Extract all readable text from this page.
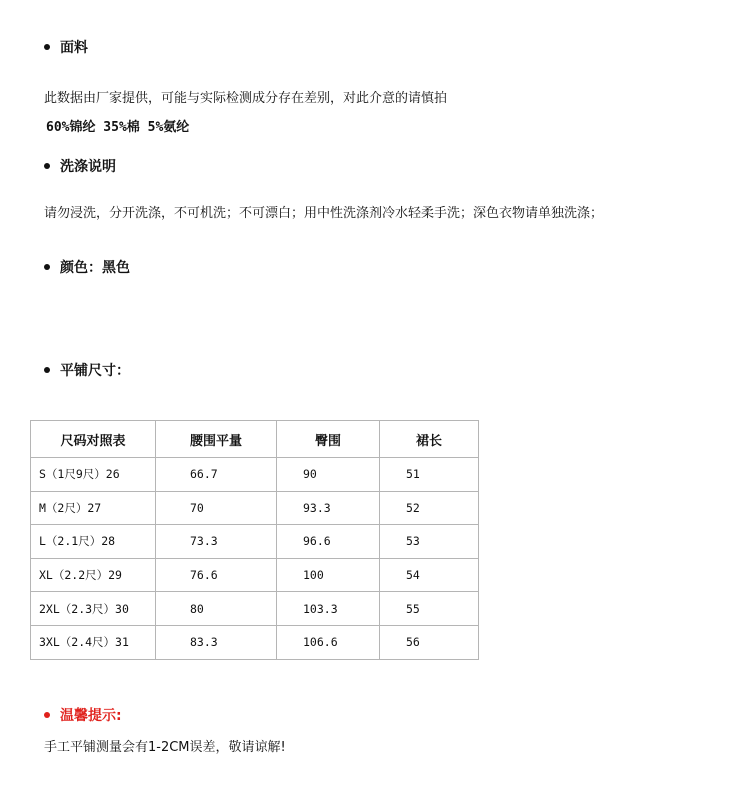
面料
此数据由厂家提供，可能与实际检测成分存在差别，对此介意的请慎拍
60%锦纶 35%棉 5%氨纶
洗涤说明
请勿浸洗，分开洗涤，不可机洗；不可漂白；用中性洗涤剂冷水轻柔手洗；深色衣物请单独洗涤；
颜色：黑色
平铺尺寸：
尺码对照表	腰围平量	臀围	裙长
S（1尺9尺）26	66.7	90	51
M（2尺）27	70	93.3	52
L（2.1尺）28	73.3	96.6	53
XL（2.2尺）29	76.6	100	54
2XL（2.3尺）30	80	103.3	55
3XL（2.4尺）31	83.3	106.6	56
温馨提示:
手工平铺测量会有1-2CM误差，敬请谅解!
